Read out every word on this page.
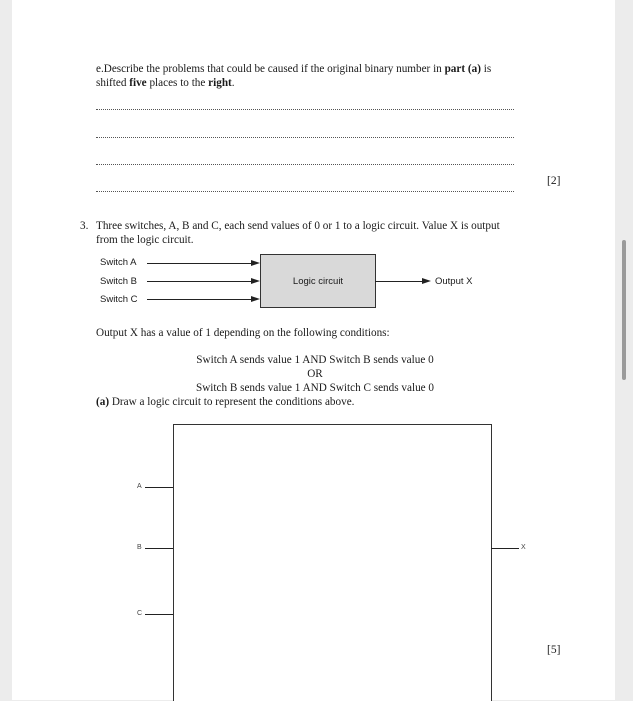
e.Describe the problems that could be caused if the original binary number in part (a) is
shifted five places to the right.
[2]
3. Three switches, A, B and C, each send values of 0 or 1 to a logic circuit. Value X is output
from the logic circuit.
Switch A
Switch B
Switch C
Logic circuit	Output X
Output X has a value of 1 depending on the following conditions:
Switch A sends value 1 AND Switch B sends value 0
OR
Switch B sends value 1 AND Switch C sends value 0
(a) Draw a logic circuit to represent the conditions above.
A
B
C
X
[5]
